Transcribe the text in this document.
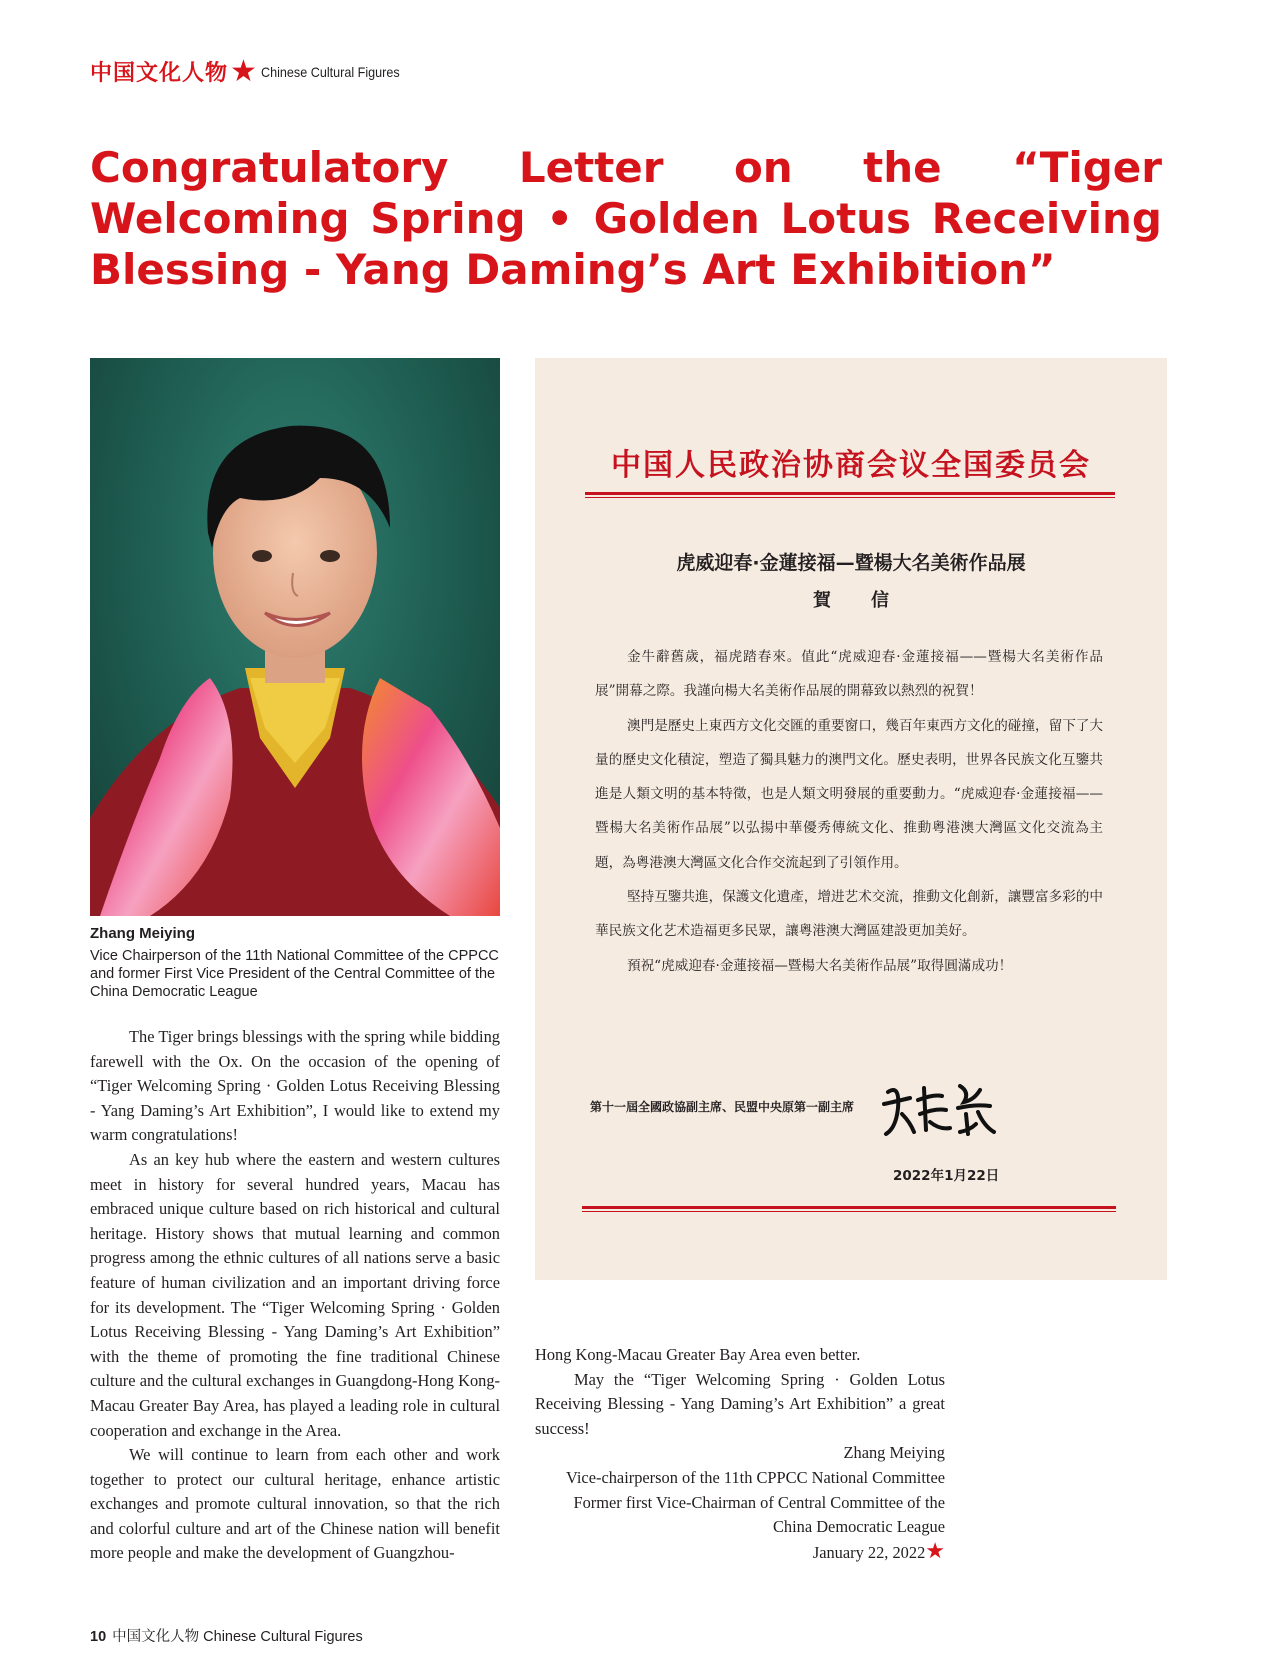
中国文化人物 ★ Chinese Cultural Figures
Congratulatory Letter on the “Tiger Welcoming Spring • Golden Lotus Receiving Blessing - Yang Daming’s Art Exhibition”
Zhang Meiying
Vice Chairperson of the 11th National Committee of the CPPCC and former First Vice President of the Central Committee of the China Democratic League

The Tiger brings blessings with the spring while bidding farewell with the Ox. On the occasion of the opening of “Tiger Welcoming Spring · Golden Lotus Receiving Blessing - Yang Daming’s Art Exhibition”, I would like to extend my warm congratulations!

As an key hub where the eastern and western cultures meet in history for several hundred years, Macau has embraced unique culture based on rich historical and cultural heritage. History shows that mutual learning and common progress among the ethnic cultures of all nations serve a basic feature of human civilization and an important driving force for its development. The “Tiger Welcoming Spring · Golden Lotus Receiving Blessing - Yang Daming’s Art Exhibition” with the theme of promoting the fine traditional Chinese culture and the cultural exchanges in Guangdong-Hong Kong-Macau Greater Bay Area, has played a leading role in cultural cooperation and exchange in the Area.

We will continue to learn from each other and work together to protect our cultural heritage, enhance artistic exchanges and promote cultural innovation, so that the rich and colorful culture and art of the Chinese nation will benefit more people and make the development of Guangzhou-

中国人民政治协商会议全国委员会
虎威迎春·金蓮接福—暨楊大名美術作品展
賀信

金牛辭舊歲，福虎踏春來。值此“虎威迎春·金蓮接福——暨楊大名美術作品展”開幕之際。我謹向楊大名美術作品展的開幕致以熱烈的祝賀！

澳門是歷史上東西方文化交匯的重要窗口，幾百年東西方文化的碰撞，留下了大量的歷史文化積淀，塑造了獨具魅力的澳門文化。歷史表明，世界各民族文化互鑒共進是人類文明的基本特徵，也是人類文明發展的重要動力。“虎威迎春·金蓮接福——暨楊大名美術作品展”以弘揚中華優秀傳統文化、推動粵港澳大灣區文化交流為主題，為粵港澳大灣區文化合作交流起到了引領作用。

堅持互鑒共進，保護文化遺產，增进艺术交流，推動文化創新，讓豐富多彩的中華民族文化艺术造福更多民眾，讓粵港澳大灣區建設更加美好。

預祝“虎威迎春·金蓮接福—暨楊大名美術作品展”取得圓滿成功！

第十一屆全國政協副主席、民盟中央原第一副主席
2022年1月22日

Hong Kong-Macau Greater Bay Area even better.

May the “Tiger Welcoming Spring · Golden Lotus Receiving Blessing - Yang Daming’s Art Exhibition” a great success!

Zhang Meiying

Vice-chairperson of the 11th CPPCC National Committee

Former first Vice-Chairman of Central Committee of the China Democratic League

January 22, 2022★

10 中国文化人物 Chinese Cultural Figures
